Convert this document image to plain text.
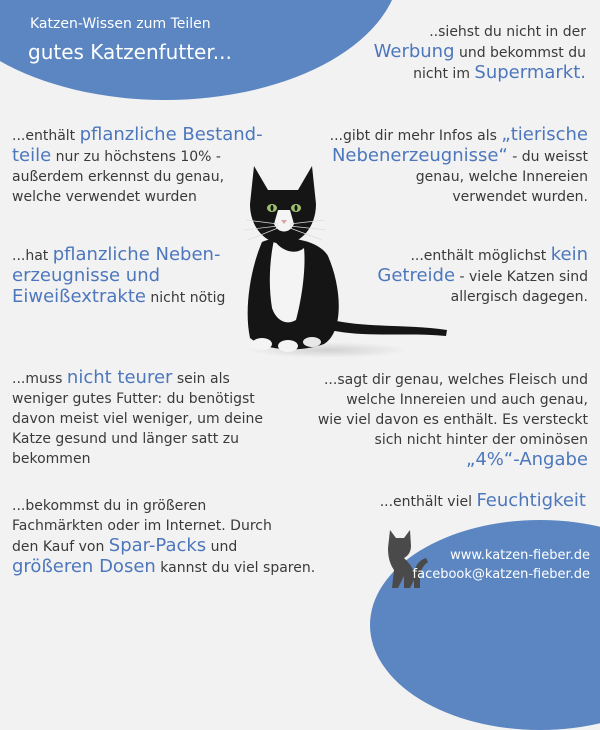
Katzen-Wissen zum Teilen
gutes Katzenfutter...
..siehst du nicht in der
Werbung und bekommst du
nicht im Supermarkt.
...enthält pflanzliche Bestand-
teile nur zu höchstens 10% -
außerdem erkennst du genau,
welche verwendet wurden
...gibt dir mehr Infos als „tierische
Nebenerzeugnisse“ - du weisst
genau, welche Innereien
verwendet wurden.
...hat pflanzliche Neben-
erzeugnisse und
Eiweißextrakte nicht nötig
...enthält möglichst kein
Getreide - viele Katzen sind
allergisch dagegen.
...muss nicht teurer sein als
weniger gutes Futter: du benötigst
davon meist viel weniger, um deine
Katze gesund und länger satt zu
bekommen
...sagt dir genau, welches Fleisch und
welche Innereien und auch genau,
wie viel davon es enthält. Es versteckt
sich nicht hinter der ominösen
„4%“-Angabe
...enthält viel Feuchtigkeit
...bekommst du in größeren
Fachmärkten oder im Internet. Durch
den Kauf von Spar-Packs und
größeren Dosen kannst du viel sparen.
www.katzen-fieber.de
facebook@katzen-fieber.de
